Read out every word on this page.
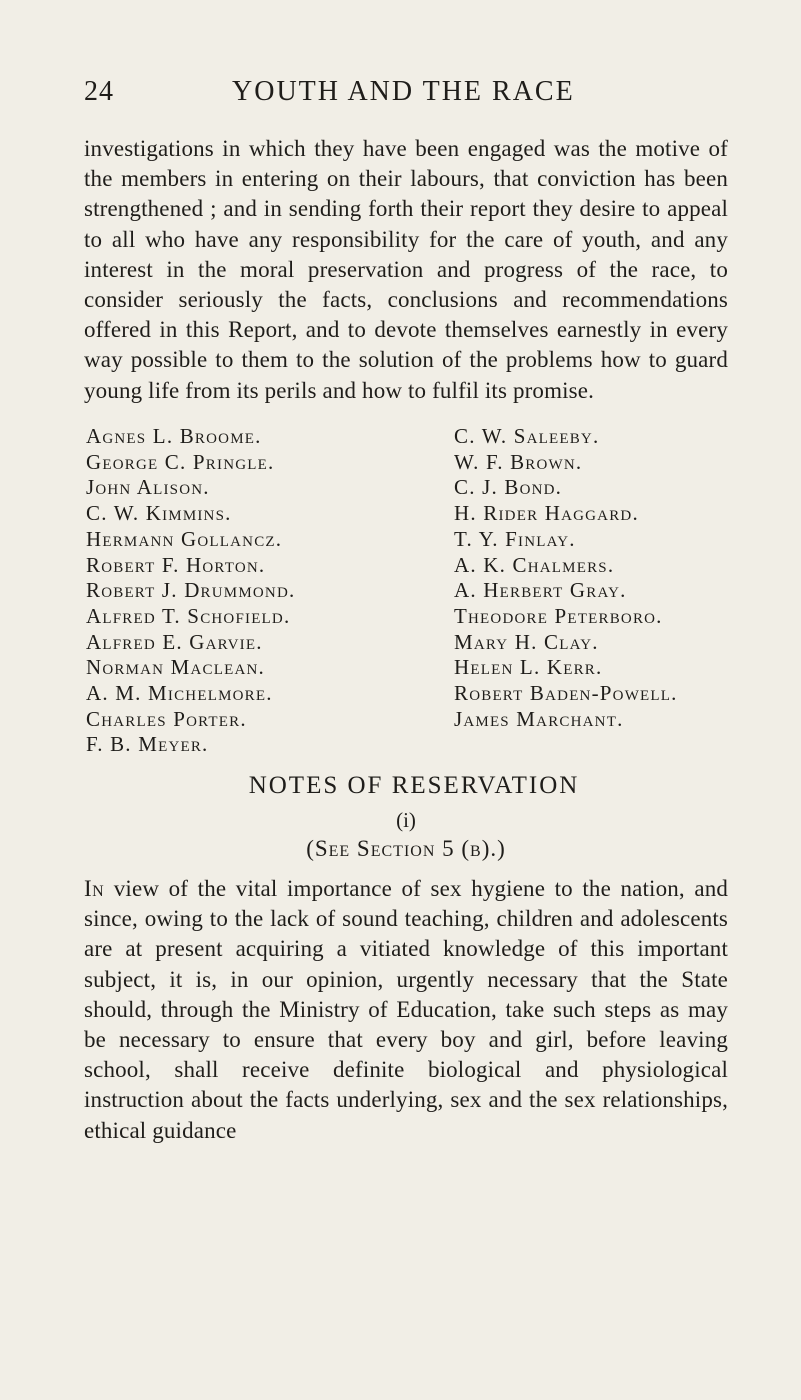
24	YOUTH AND THE RACE

investigations in which they have been engaged was the motive of the members in entering on their labours, that conviction has been strengthened ; and in sending forth their report they desire to appeal to all who have any responsibility for the care of youth, and any interest in the moral preservation and progress of the race, to consider seriously the facts, conclusions and recommendations offered in this Report, and to devote themselves earnestly in every way possible to them to the solution of the problems how to guard young life from its perils and how to fulfil its promise.

Agnes L. Broome.
George C. Pringle.
John Alison.
C. W. Kimmins.
Hermann Gollancz.
Robert F. Horton.
Robert J. Drummond.
Alfred T. Schofield.
Alfred E. Garvie.
Norman Maclean.
A. M. Michelmore.
Charles Porter.
F. B. Meyer.
C. W. Saleeby.
W. F. Brown.
C. J. Bond.
H. Rider Haggard.
T. Y. Finlay.
A. K. Chalmers.
A. Herbert Gray.
Theodore Peterboro.
Mary H. Clay.
Helen L. Kerr.
Robert Baden-Powell.
James Marchant.
NOTES OF RESERVATION
(i)
(See Section 5 (b).)

In view of the vital importance of sex hygiene to the nation, and since, owing to the lack of sound teaching, children and adolescents are at present acquiring a vitiated knowledge of this important subject, it is, in our opinion, urgently necessary that the State should, through the Ministry of Education, take such steps as may be necessary to ensure that every boy and girl, before leaving school, shall receive definite biological and physiological instruction about the facts underlying, sex and the sex relationships, ethical guidance
